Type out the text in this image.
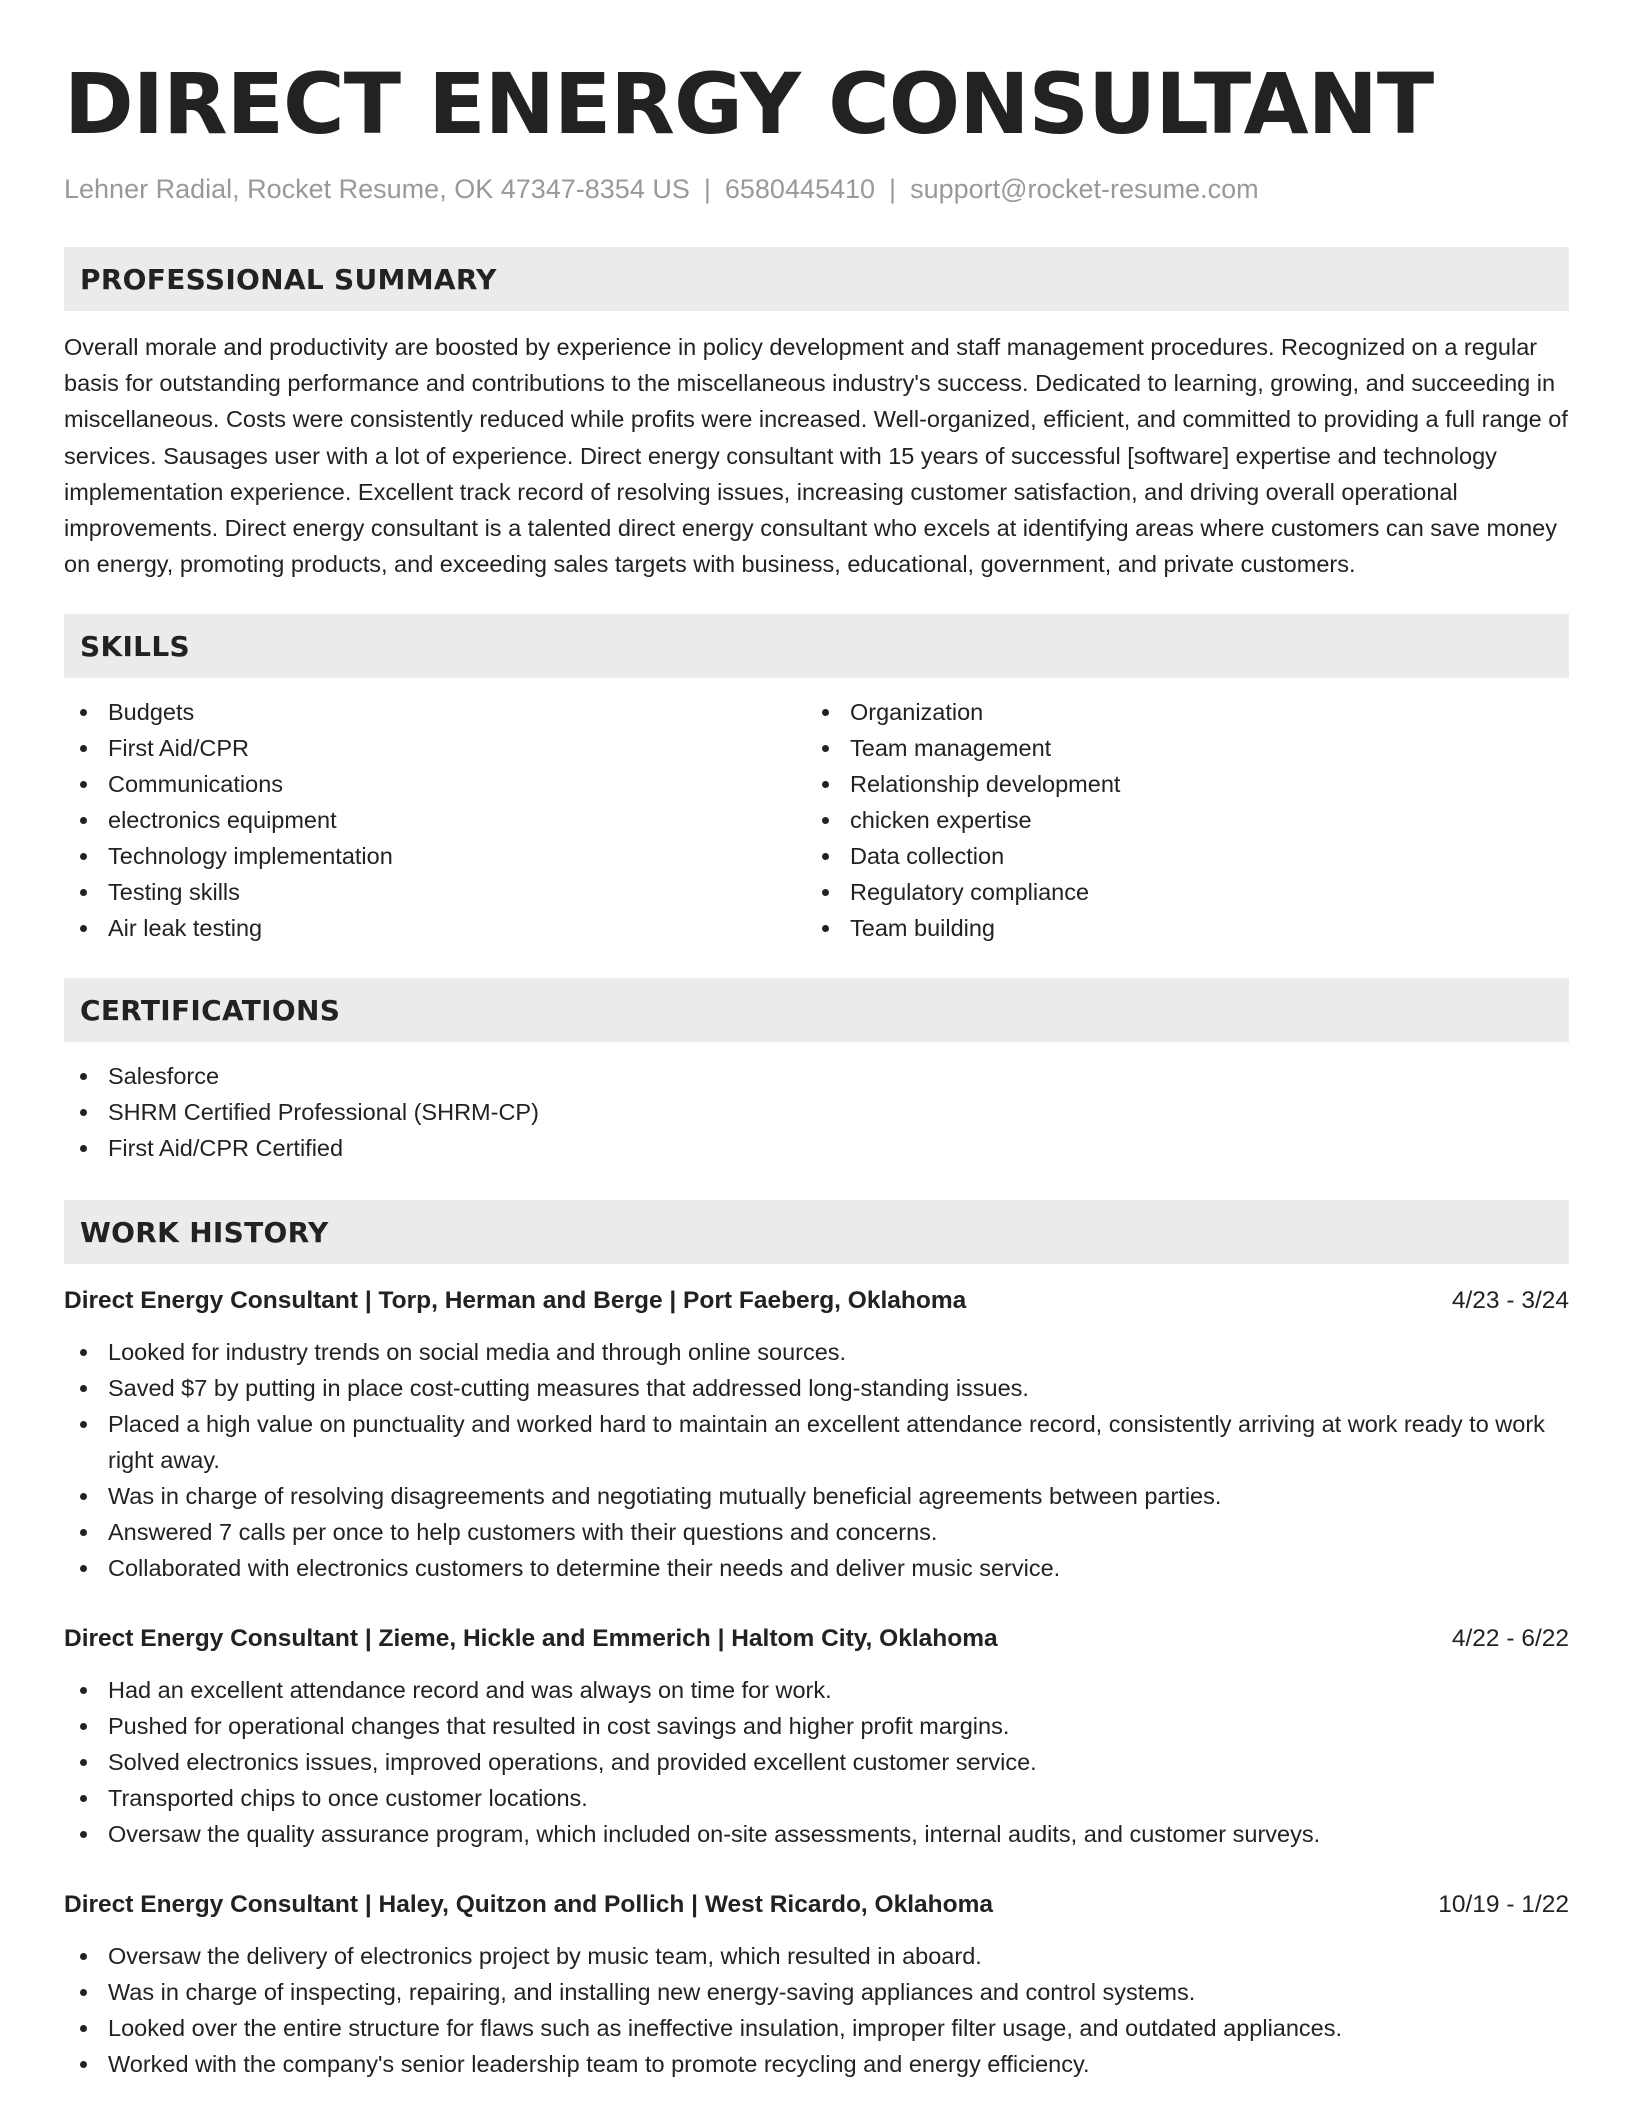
DIRECT ENERGY CONSULTANT
Lehner Radial, Rocket Resume, OK 47347-8354 US | 6580445410 | support@rocket-resume.com
PROFESSIONAL SUMMARY

Overall morale and productivity are boosted by experience in policy development and staff management procedures. Recognized on a regular basis for outstanding performance and contributions to the miscellaneous industry's success. Dedicated to learning, growing, and succeeding in miscellaneous. Costs were consistently reduced while profits were increased. Well-organized, efficient, and committed to providing a full range of services. Sausages user with a lot of experience. Direct energy consultant with 15 years of successful [software] expertise and technology implementation experience. Excellent track record of resolving issues, increasing customer satisfaction, and driving overall operational improvements. Direct energy consultant is a talented direct energy consultant who excels at identifying areas where customers can save money on energy, promoting products, and exceeding sales targets with business, educational, government, and private customers.

SKILLS
Budgets
First Aid/CPR
Communications
electronics equipment
Technology implementation
Testing skills
Air leak testing
Organization
Team management
Relationship development
chicken expertise
Data collection
Regulatory compliance
Team building
CERTIFICATIONS
Salesforce
SHRM Certified Professional (SHRM-CP)
First Aid/CPR Certified
WORK HISTORY
Direct Energy Consultant | Torp, Herman and Berge | Port Faeberg, Oklahoma	4/23 - 3/24
Looked for industry trends on social media and through online sources.
Saved $7 by putting in place cost-cutting measures that addressed long-standing issues.
Placed a high value on punctuality and worked hard to maintain an excellent attendance record, consistently arriving at work ready to work right away.
Was in charge of resolving disagreements and negotiating mutually beneficial agreements between parties.
Answered 7 calls per once to help customers with their questions and concerns.
Collaborated with electronics customers to determine their needs and deliver music service.
Direct Energy Consultant | Zieme, Hickle and Emmerich | Haltom City, Oklahoma	4/22 - 6/22
Had an excellent attendance record and was always on time for work.
Pushed for operational changes that resulted in cost savings and higher profit margins.
Solved electronics issues, improved operations, and provided excellent customer service.
Transported chips to once customer locations.
Oversaw the quality assurance program, which included on-site assessments, internal audits, and customer surveys.
Direct Energy Consultant | Haley, Quitzon and Pollich | West Ricardo, Oklahoma	10/19 - 1/22
Oversaw the delivery of electronics project by music team, which resulted in aboard.
Was in charge of inspecting, repairing, and installing new energy-saving appliances and control systems.
Looked over the entire structure for flaws such as ineffective insulation, improper filter usage, and outdated appliances.
Worked with the company's senior leadership team to promote recycling and energy efficiency.
